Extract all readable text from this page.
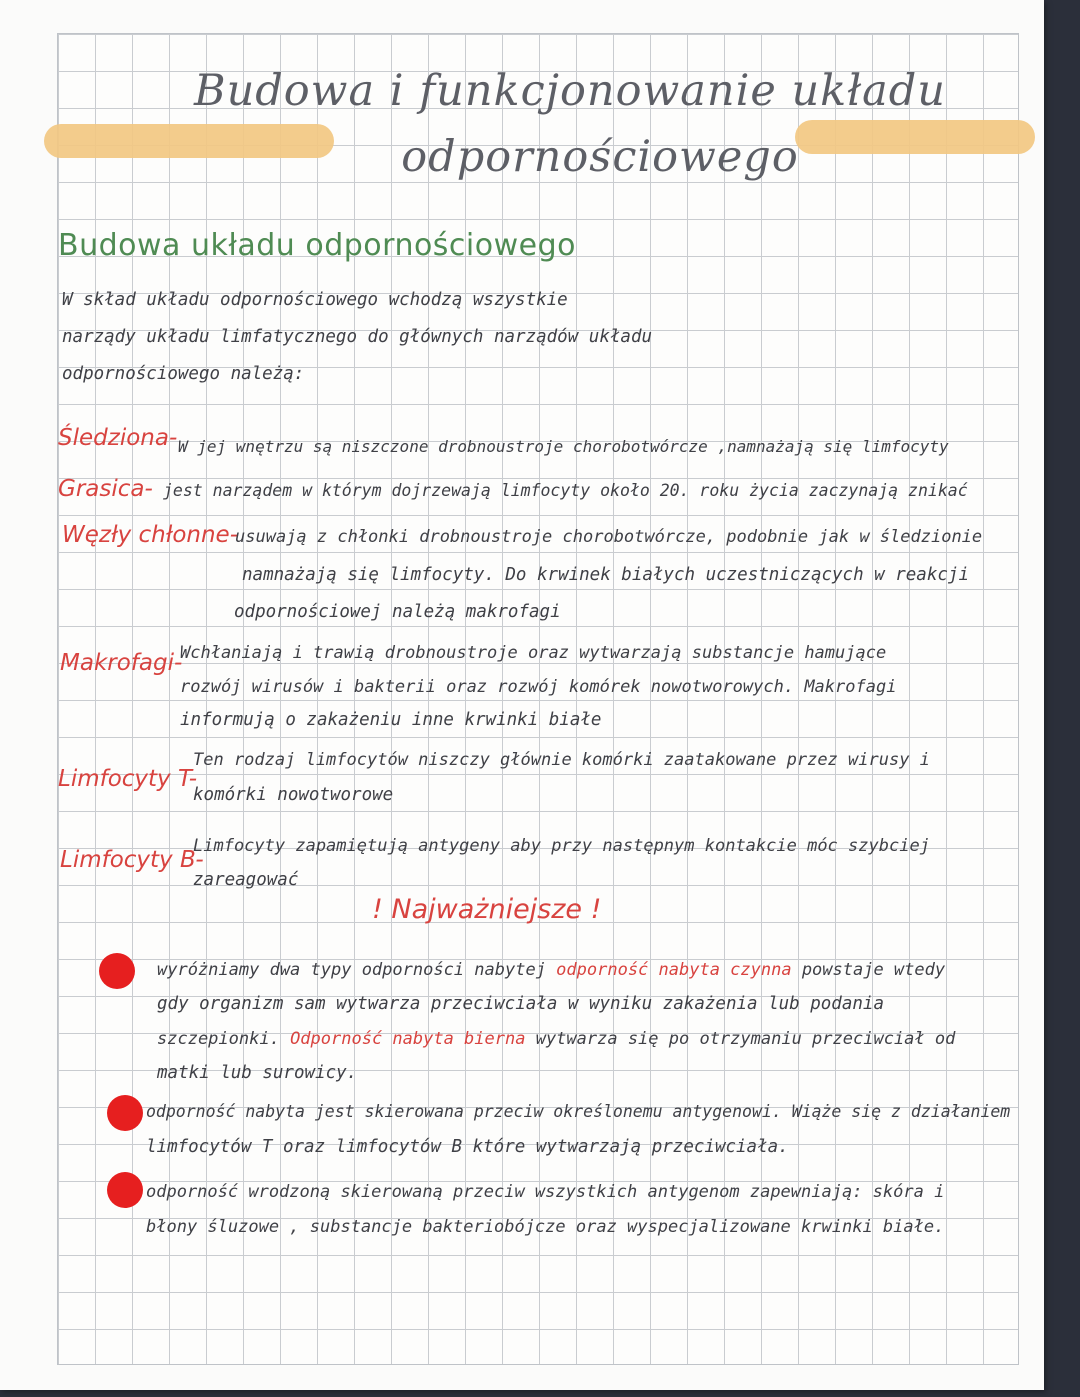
Budowa i funkcjonowanie układu
odpornościowego
Budowa układu odpornościowego
W skład układu odpornościowego wchodzą wszystkie
narządy układu limfatycznego do głównych narządów układu
odpornościowego należą:
Śledziona- W jej wnętrzu są niszczone drobnoustroje chorobotwórcze ,namnażają się limfocyty
Grasica- jest narządem w którym dojrzewają limfocyty około 20. roku życia zaczynają znikać
Węzły chłonne-
usuwają z chłonki drobnoustroje chorobotwórcze, podobnie jak w śledzionie
namnażają się limfocyty. Do krwinek białych uczestniczących w reakcji
odpornościowej należą makrofagi
Makrofagi-
Wchłaniają i trawią drobnoustroje oraz wytwarzają substancje hamujące
rozwój wirusów i bakterii oraz rozwój komórek nowotworowych. Makrofagi
informują o zakażeniu inne krwinki białe
Limfocyty T-
Ten rodzaj limfocytów niszczy głównie komórki zaatakowane przez wirusy i
komórki nowotworowe
Limfocyty B-
Limfocyty zapamiętują antygeny aby przy następnym kontakcie móc szybciej
zareagować
! Najważniejsze !
wyróżniamy dwa typy odporności nabytej odporność nabyta czynna powstaje wtedy
gdy organizm sam wytwarza przeciwciała w wyniku zakażenia lub podania
szczepionki. Odporność nabyta bierna wytwarza się po otrzymaniu przeciwciał od
matki lub surowicy.
odporność nabyta jest skierowana przeciw określonemu antygenowi. Wiąże się z działaniem
limfocytów T oraz limfocytów B które wytwarzają przeciwciała.
odporność wrodzoną skierowaną przeciw wszystkich antygenom zapewniają: skóra i
błony śluzowe , substancje bakteriobójcze oraz wyspecjalizowane krwinki białe.
